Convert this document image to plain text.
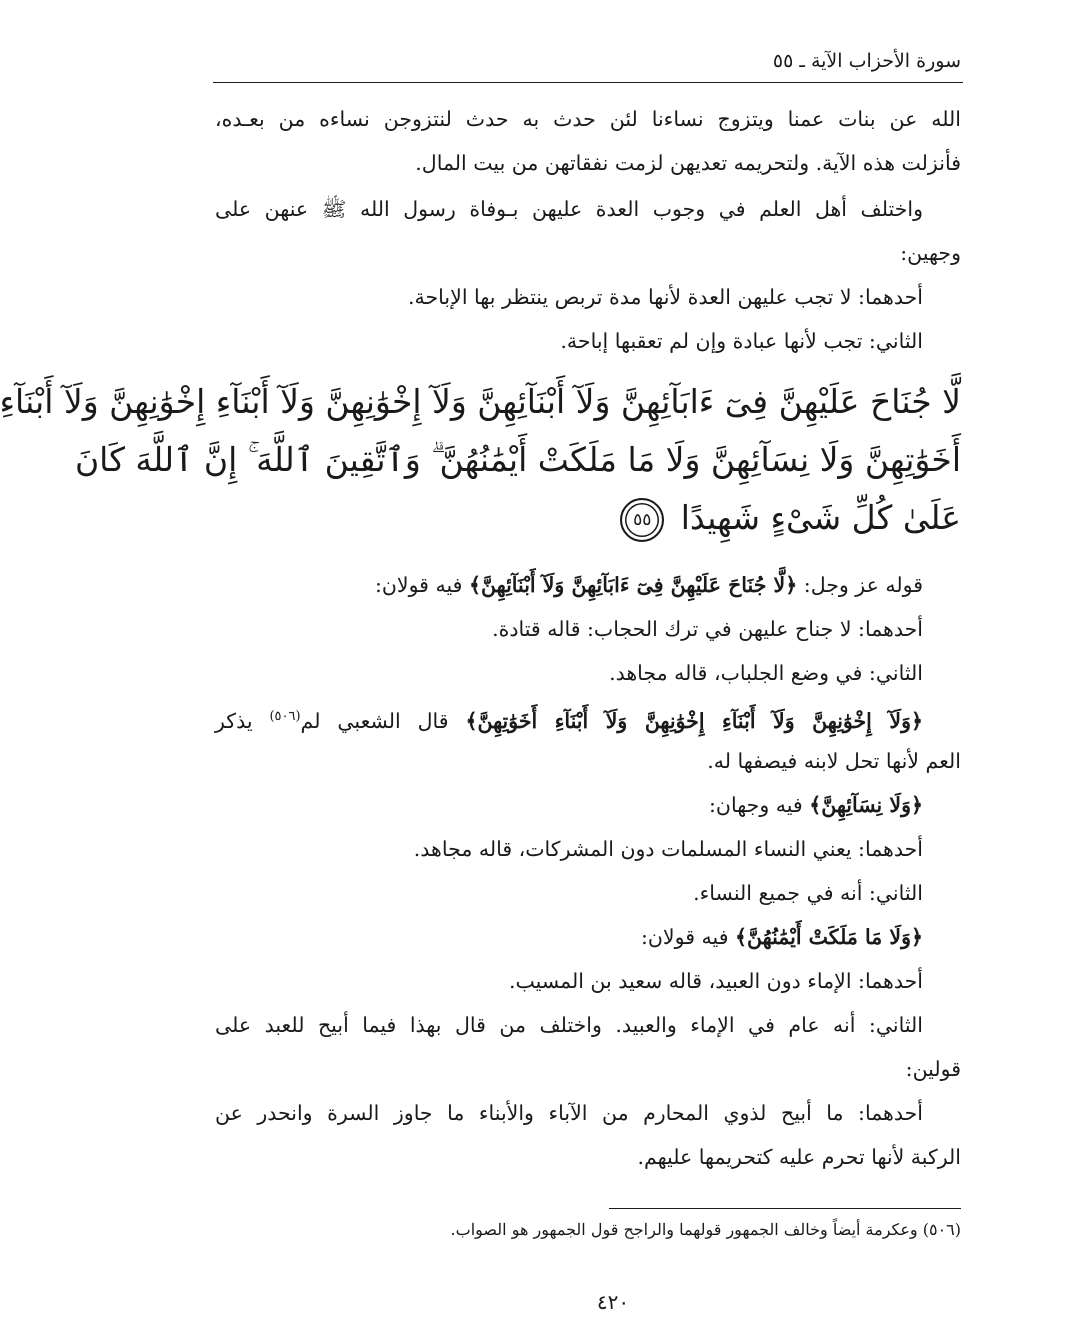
سورة الأحزاب الآية ـ ٥٥
الله عن بنات عمنا ويتزوج نساءنا لئن حدث به حدث لنتزوجن نساءه من بعـده،
فأنزلت هذه الآية. ولتحريمه تعديهن لزمت نفقاتهن من بيت المال.
واختلف أهل العلم في وجوب العدة عليهن بـوفاة رسول الله ﷺ عنهن على
وجهين:
أحدهما: لا تجب عليهن العدة لأنها مدة تربص ينتظر بها الإباحة.
الثاني: تجب لأنها عبادة وإن لم تعقبها إباحة.
لَّا جُنَاحَ عَلَيْهِنَّ فِىٓ ءَابَآئِهِنَّ وَلَآ أَبْنَآئِهِنَّ وَلَآ إِخْوَٰنِهِنَّ وَلَآ أَبْنَآءِ إِخْوَٰنِهِنَّ وَلَآ أَبْنَآءِ
أَخَوَٰتِهِنَّ وَلَا نِسَآئِهِنَّ وَلَا مَا مَلَكَتْ أَيْمَٰنُهُنَّ ۗ وَٱتَّقِينَ ٱللَّهَ ۚ إِنَّ ٱللَّهَ كَانَ
عَلَىٰ كُلِّ شَىْءٍ شَهِيدًا ٥٥
قوله عز وجل: ﴿لَّا جُنَاحَ عَلَيْهِنَّ فِىٓ ءَابَآئِهِنَّ وَلَآ أَبْنَآئِهِنَّ﴾ فيه قولان:
أحدهما: لا جناح عليهن في ترك الحجاب: قاله قتادة.
الثاني: في وضع الجلباب، قاله مجاهد.
﴿وَلَآ إِخْوَٰنِهِنَّ وَلَآ أَبْنَآءِ إِخْوَٰنِهِنَّ وَلَآ أَبْنَآءِ أَخَوَٰتِهِنَّ﴾ قال الشعبي لم$^{(٥٠٦)}$ يذكر
العم لأنها تحل لابنه فيصفها له.
﴿وَلَا نِسَآئِهِنَّ﴾ فيه وجهان:
أحدهما: يعني النساء المسلمات دون المشركات، قاله مجاهد.
الثاني: أنه في جميع النساء.
﴿وَلَا مَا مَلَكَتْ أَيْمَٰنُهُنَّ﴾ فيه قولان:
أحدهما: الإماء دون العبيد، قاله سعيد بن المسيب.
الثاني: أنه عام في الإماء والعبيد. واختلف من قال بهذا فيما أبيح للعبد على
قولين:
أحدهما: ما أبيح لذوي المحارم من الآباء والأبناء ما جاوز السرة وانحدر عن
الركبة لأنها تحرم عليه كتحريمها عليهم.
(٥٠٦) وعكرمة أيضاً وخالف الجمهور قولهما والراجح قول الجمهور هو الصواب.
٤٢٠
